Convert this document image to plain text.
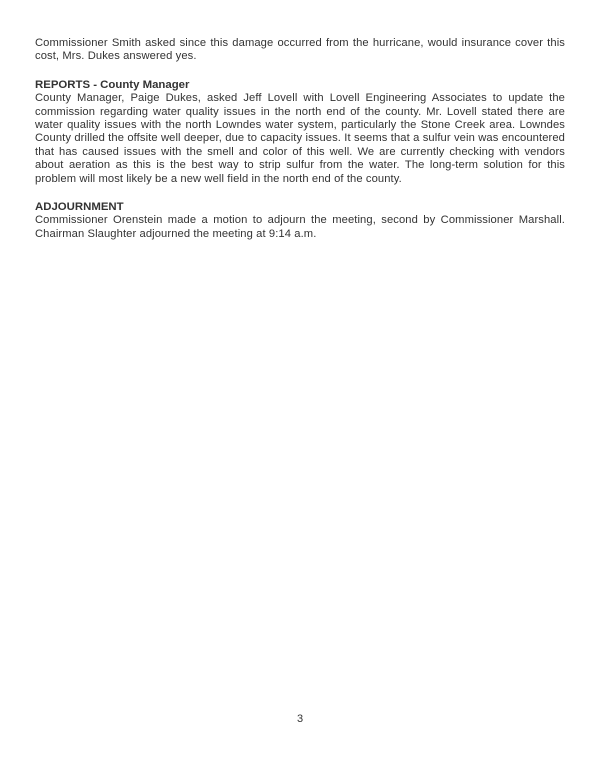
Commissioner Smith asked since this damage occurred from the hurricane, would insurance cover this cost, Mrs. Dukes answered yes.

REPORTS - County Manager

County Manager, Paige Dukes, asked Jeff Lovell with Lovell Engineering Associates to update the commission regarding water quality issues in the north end of the county. Mr. Lovell stated there are water quality issues with the north Lowndes water system, particularly the Stone Creek area. Lowndes County drilled the offsite well deeper, due to capacity issues. It seems that a sulfur vein was encountered that has caused issues with the smell and color of this well. We are currently checking with vendors about aeration as this is the best way to strip sulfur from the water. The long-term solution for this problem will most likely be a new well field in the north end of the county.

ADJOURNMENT

Commissioner Orenstein made a motion to adjourn the meeting, second by Commissioner Marshall. Chairman Slaughter adjourned the meeting at 9:14 a.m.

3
